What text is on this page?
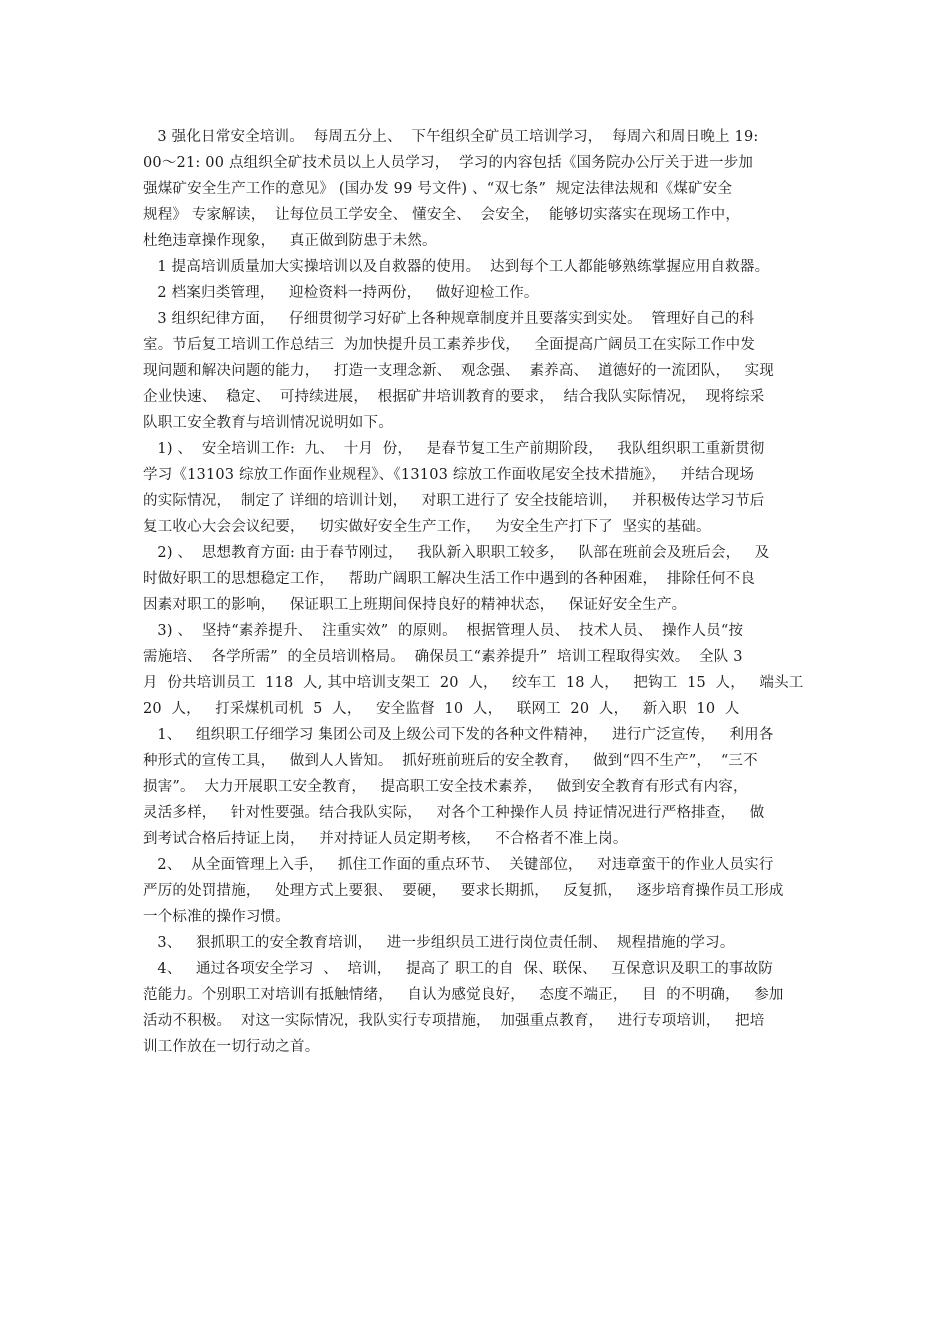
3 强化日常安全培训。  每周五分上、  下午组织全矿员工培训学习，  每周六和周日晚上 19:
00～21: 00 点组织全矿技术员以上人员学习，  学习的内容包括《国务院办公厅关于进一步加
强煤矿安全生产工作的意见》 (国办发 99 号文件) 、“双七条”  规定法律法规和《煤矿安全
规程》 专家解读，  让每位员工学安全、 懂安全、  会安全，  能够切实落实在现场工作中，
杜绝违章操作现象，   真正做到防患于未然。
1 提高培训质量加大实操培训以及自救器的使用。  达到每个工人都能够熟练掌握应用自救器。
2 档案归类管理，   迎检资料一持两份，   做好迎检工作。
3 组织纪律方面，   仔细贯彻学习好矿上各种规章制度并且要落实到实处。  管理好自己的科
室。节后复工培训工作总结三  为加快提升员工素养步伐，   全面提高广阔员工在实际工作中发
现问题和解决问题的能力，   打造一支理念新、  观念强、  素养高、  道德好的一流团队，   实现
企业快速、  稳定、  可持续进展，  根据矿井培训教育的要求，  结合我队实际情况，  现将综采
队职工安全教育与培训情况说明如下。
1) 、  安全培训工作:  九、  十月  份，   是春节复工生产前期阶段，   我队组织职工重新贯彻
学习《13103 综放工作面作业规程》、《13103 综放工作面收尾安全技术措施》，   并结合现场
的实际情况，  制定了 详细的培训计划，   对职工进行了 安全技能培训，   并积极传达学习节后
复工收心大会会议纪要，   切实做好安全生产工作，   为安全生产打下了  坚实的基础。
2) 、  思想教育方面: 由于春节刚过，   我队新入职职工较多，   队部在班前会及班后会，   及
时做好职工的思想稳定工作，   帮助广阔职工解决生活工作中遇到的各种困难，  排除任何不良
因素对职工的影响，   保证职工上班期间保持良好的精神状态，   保证好安全生产。
3) 、  坚持“素养提升、  注重实效”  的原则。  根据管理人员、  技术人员、  操作人员“按
需施培、  各学所需”  的全员培训格局。  确保员工“素养提升”  培训工程取得实效。  全队 3
月  份共培训员工  118  人, 其中培训支架工  20  人，   绞车工  18 人，   把钩工  15  人，   端头工
20  人，   打采煤机司机  5  人，   安全监督  10  人，   联网工  20  人，   新入职  10  人
1、   组织职工仔细学习 集团公司及上级公司下发的各种文件精神，   进行广泛宣传，   利用各
种形式的宣传工具，   做到人人皆知。  抓好班前班后的安全教育，   做到“四不生产”，  “三不
损害”。  大力开展职工安全教育，   提高职工安全技术素养，   做到安全教育有形式有内容，
灵活多样，   针对性要强。结合我队实际，   对各个工种操作人员 持证情况进行严格排查，   做
到考试合格后持证上岗，   并对持证人员定期考核，   不合格者不准上岗。
2、  从全面管理上入手，   抓住工作面的重点环节、  关键部位，   对违章蛮干的作业人员实行
严厉的处罚措施，   处理方式上要狠、  要硬，   要求长期抓，   反复抓，   逐步培育操作员工形成
一个标准的操作习惯。
3、   狠抓职工的安全教育培训，   进一步组织员工进行岗位责任制、  规程措施的学习。
4、   通过各项安全学习  、  培训，   提高了 职工的自  保、联保、   互保意识及职工的事故防
范能力。个别职工对培训有抵触情绪，   自认为感觉良好，   态度不端正，   目  的不明确，   参加
活动不积极。  对这一实际情况，我队实行专项措施，  加强重点教育，   进行专项培训，   把培
训工作放在一切行动之首。
